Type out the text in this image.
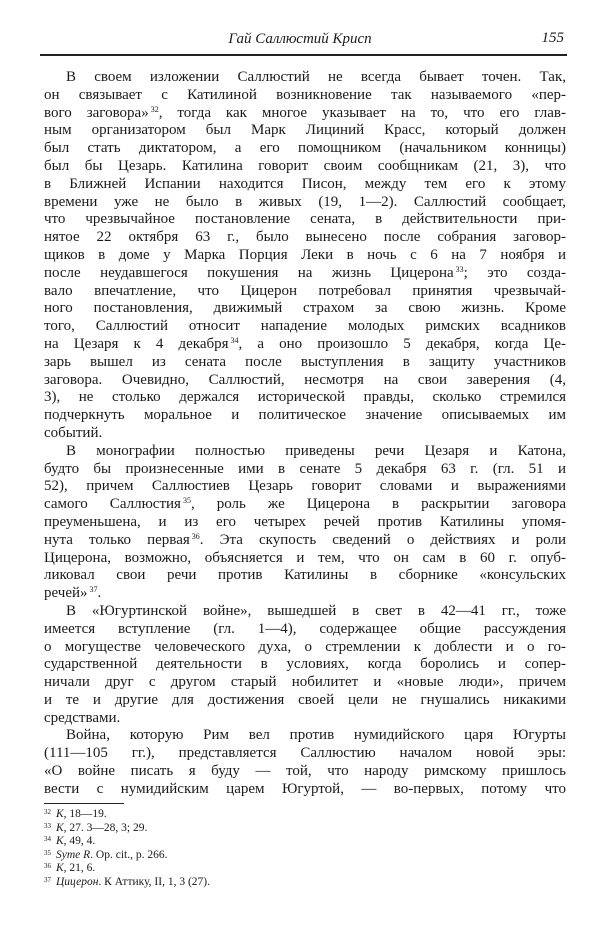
Гай Саллюстий Крисп	155
В своем изложении Саллюстий не всегда бывает точен. Так,
он связывает с Катилиной возникновение так называемого «пер-
вого заговора» $^{32}$, тогда как многое указывает на то, что его глав-
ным организатором был Марк Лициний Красс, который должен
был стать диктатором, а его помощником (начальником конницы)
был бы Цезарь. Катилина говорит своим сообщникам (21, 3), что
в Ближней Испании находится Писон, между тем его к этому
времени уже не было в живых (19, 1—2). Саллюстий сообщает,
что чрезвычайное постановление сената, в действительности при-
нятое 22 октября 63 г., было вынесено после собрания заговор-
щиков в доме у Марка Порция Леки в ночь с 6 на 7 ноября и
после неудавшегося покушения на жизнь Цицерона $^{33}$; это созда-
вало впечатление, что Цицерон потребовал принятия чрезвычай-
ного постановления, движимый страхом за свою жизнь. Кроме
того, Саллюстий относит нападение молодых римских всадников
на Цезаря к 4 декабря $^{34}$, а оно произошло 5 декабря, когда Це-
зарь вышел из сената после выступления в защиту участников
заговора. Очевидно, Саллюстий, несмотря на свои заверения (4,
3), не столько держался исторической правды, сколько стремился
подчеркнуть моральное и политическое значение описываемых им
событий.
В монографии полностью приведены речи Цезаря и Катона,
будто бы произнесенные ими в сенате 5 декабря 63 г. (гл. 51 и
52), причем Саллюстиев Цезарь говорит словами и выражениями
самого Саллюстия $^{35}$, роль же Цицерона в раскрытии заговора
преуменьшена, и из его четырех речей против Катилины упомя-
нута только первая $^{36}$. Эта скупость сведений о действиях и роли
Цицерона, возможно, объясняется и тем, что он сам в 60 г. опуб-
ликовал свои речи против Катилины в сборнике «консульских
речей» $^{37}$.
В «Югуртинской войне», вышедшей в свет в 42—41 гг., тоже
имеется вступление (гл. 1—4), содержащее общие рассуждения
о могуществе человеческого духа, о стремлении к доблести и о го-
сударственной деятельности в условиях, когда боролись и сопер-
ничали друг с другом старый нобилитет и «новые люди», причем
и те и другие для достижения своей цели не гнушались никакими
средствами.
Война, которую Рим вел против нумидийского царя Югурты
(111—105 гг.), представляется Саллюстию началом новой эры:
«О войне писать я буду — той, что народу римскому пришлось
вести с нумидийским царем Югуртой, — во-первых, потому что
$^{32}$ К, 18—19.
$^{33}$ К, 27. 3—28, 3; 29.
$^{34}$ К, 49, 4.
$^{35}$ Syme R. Op. cit., p. 266.
$^{36}$ К, 21, 6.
$^{37}$ Цицерон. К Аттику, II, 1, 3 (27).
